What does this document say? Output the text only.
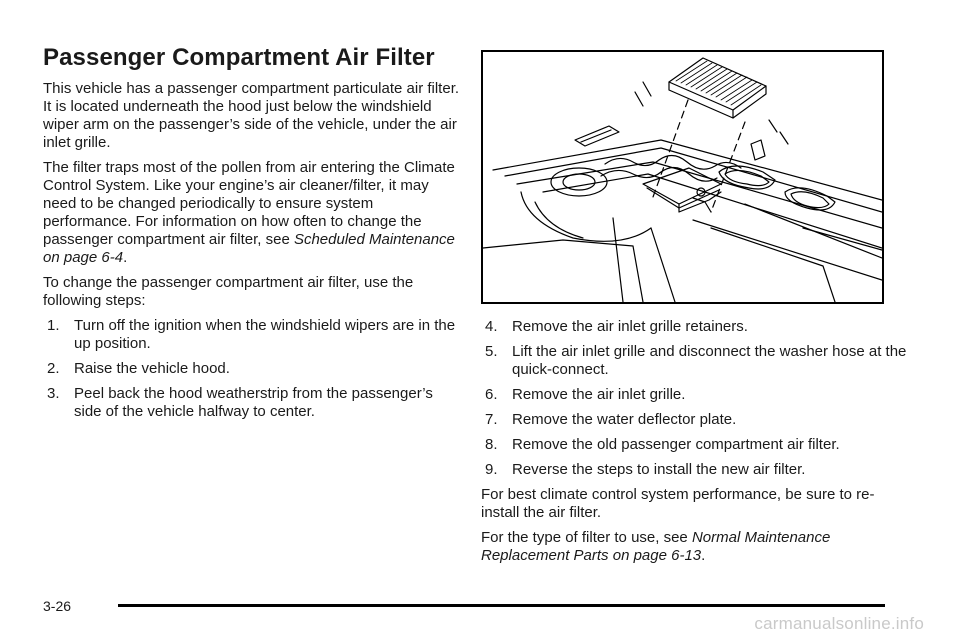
Passenger Compartment Air Filter

This vehicle has a passenger compartment particulate air filter. It is located underneath the hood just below the windshield wiper arm on the passenger’s side of the vehicle, under the air inlet grille.

The filter traps most of the pollen from air entering the Climate Control System. Like your engine’s air cleaner/filter, it may need to be changed periodically to ensure system performance. For information on how often to change the passenger compartment air filter, see Scheduled Maintenance on page 6-4.

To change the passenger compartment air filter, use the following steps:

1. Turn off the ignition when the windshield wipers are in the up position.
2. Raise the vehicle hood.
3. Peel back the hood weatherstrip from the passenger’s side of the vehicle halfway to center.
4. Remove the air inlet grille retainers.
5. Lift the air inlet grille and disconnect the washer hose at the quick-connect.
6. Remove the air inlet grille.
7. Remove the water deflector plate.
8. Remove the old passenger compartment air filter.
9. Reverse the steps to install the new air filter.

For best climate control system performance, be sure to re-install the air filter.

For the type of filter to use, see Normal Maintenance Replacement Parts on page 6-13.

3-26
carmanualsonline.info
